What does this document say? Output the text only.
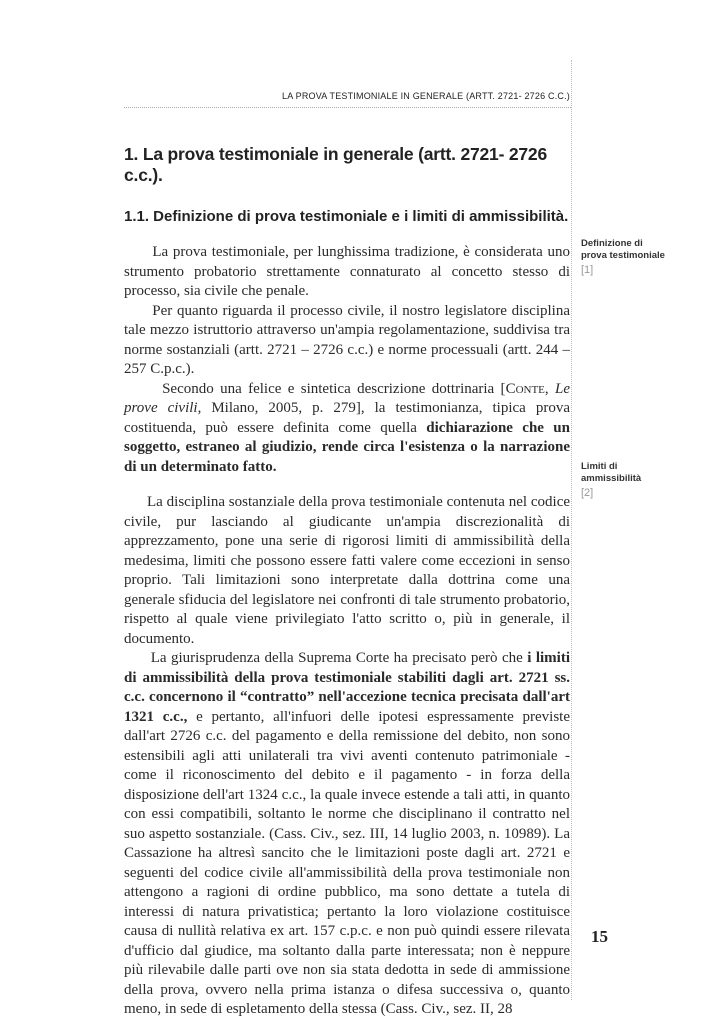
LA PROVA TESTIMONIALE IN GENERALE (ARTT. 2721- 2726 C.C.)
1. La prova testimoniale in generale (artt. 2721- 2726 c.c.).
1.1. Definizione di prova testimoniale e i limiti di ammissibilità.

La prova testimoniale, per lunghissima tradizione, è considerata uno strumento probatorio strettamente connaturato al concetto stesso di processo, sia civile che penale.

Per quanto riguarda il processo civile, il nostro legislatore disciplina tale mezzo istruttorio attraverso un'ampia regolamentazione, suddivisa tra norme sostanziali (artt. 2721 – 2726 c.c.) e norme processuali (artt. 244 – 257 C.p.c.).

Secondo una felice e sintetica descrizione dottrinaria [Conte, Le prove civili, Milano, 2005, p. 279], la testimonianza, tipica prova costituenda, può essere definita come quella dichiarazione che un soggetto, estraneo al giudizio, rende circa l'esistenza o la narrazione di un determinato fatto.

La disciplina sostanziale della prova testimoniale contenuta nel codice civile, pur lasciando al giudicante un'ampia discrezionalità di apprezzamento, pone una serie di rigorosi limiti di ammissibilità della medesima, limiti che possono essere fatti valere come eccezioni in senso proprio. Tali limitazioni sono interpretate dalla dottrina come una generale sfiducia del legislatore nei confronti di tale strumento probatorio, rispetto al quale viene privilegiato l'atto scritto o, più in generale, il documento.

La giurisprudenza della Suprema Corte ha precisato però che i limiti di ammissibilità della prova testimoniale stabiliti dagli art. 2721 ss. c.c. concernono il “contratto” nell'accezione tecnica precisata dall'art 1321 c.c., e pertanto, all'infuori delle ipotesi espressamente previste dall'art 2726 c.c. del pagamento e della remissione del debito, non sono estensibili agli atti unilaterali tra vivi aventi contenuto patrimoniale - come il riconoscimento del debito e il pagamento - in forza della disposizione dell'art 1324 c.c., la quale invece estende a tali atti, in quanto con essi compatibili, soltanto le norme che disciplinano il contratto nel suo aspetto sostanziale. (Cass. Civ., sez. III, 14 luglio 2003, n. 10989). La Cassazione ha altresì sancito che le limitazioni poste dagli art. 2721 e seguenti del codice civile all'ammissibilità della prova testimoniale non attengono a ragioni di ordine pubblico, ma sono dettate a tutela di interessi di natura privatistica; pertanto la loro violazione costituisce causa di nullità relativa ex art. 157 c.p.c. e non può quindi essere rilevata d'ufficio dal giudice, ma soltanto dalla parte interessata; non è neppure più rilevabile dalle parti ove non sia stata dedotta in sede di ammissione della prova, ovvero nella prima istanza o difesa successiva o, quanto meno, in sede di espletamento della stessa (Cass. Civ., sez. II, 28

Definizione di prova testimoniale
[1]
Limiti di ammissibilità
[2]
15
